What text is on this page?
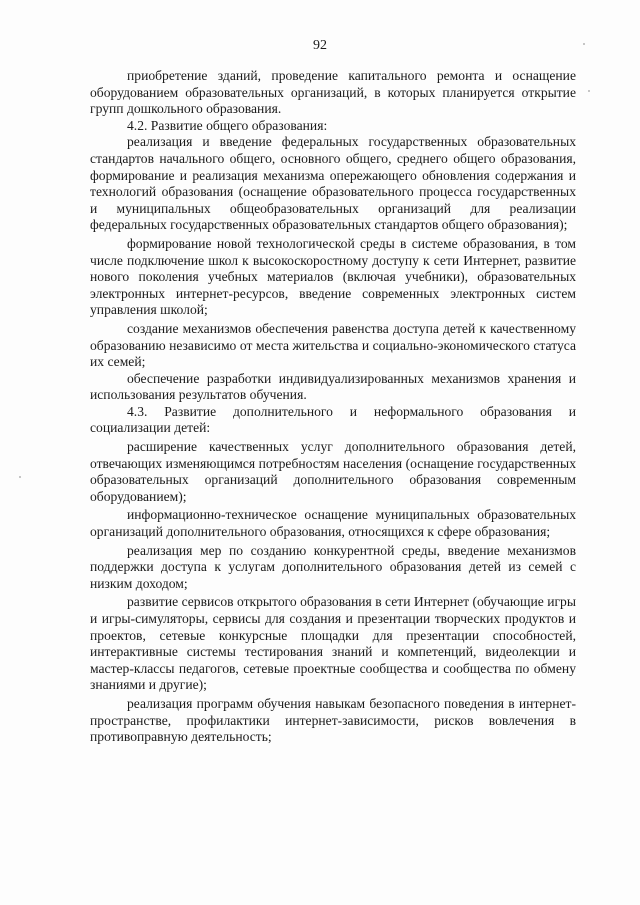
92

приобретение зданий, проведение капитального ремонта и оснащение оборудованием образовательных организаций, в которых планируется открытие групп дошкольного образования.

4.2. Развитие общего образования:

реализация и введение федеральных государственных образовательных стандартов начального общего, основного общего, среднего общего образования, формирование и реализация механизма опережающего обновления содержания и технологий образования (оснащение образовательного процесса государственных и муниципальных общеобразовательных организаций для реализации федеральных государственных образовательных стандартов общего образования);

формирование новой технологической среды в системе образования, в том числе подключение школ к высокоскоростному доступу к сети Интернет, развитие нового поколения учебных материалов (включая учебники), образовательных электронных интернет-ресурсов, введение современных электронных систем управления школой;

создание механизмов обеспечения равенства доступа детей к качественному образованию независимо от места жительства и социально-экономического статуса их семей;

обеспечение разработки индивидуализированных механизмов хранения и использования результатов обучения.

4.3. Развитие дополнительного и неформального образования и социализации детей:

расширение качественных услуг дополнительного образования детей, отвечающих изменяющимся потребностям населения (оснащение государственных образовательных организаций дополнительного образования современным оборудованием);

информационно-техническое оснащение муниципальных образовательных организаций дополнительного образования, относящихся к сфере образования;

реализация мер по созданию конкурентной среды, введение механизмов поддержки доступа к услугам дополнительного образования детей из семей с низким доходом;

развитие сервисов открытого образования в сети Интернет (обучающие игры и игры-симуляторы, сервисы для создания и презентации творческих продуктов и проектов, сетевые конкурсные площадки для презентации способностей, интерактивные системы тестирования знаний и компетенций, видеолекции и мастер-классы педагогов, сетевые проектные сообщества и сообщества по обмену знаниями и другие);

реализация программ обучения навыкам безопасного поведения в интернет-пространстве, профилактики интернет-зависимости, рисков вовлечения в противоправную деятельность;
